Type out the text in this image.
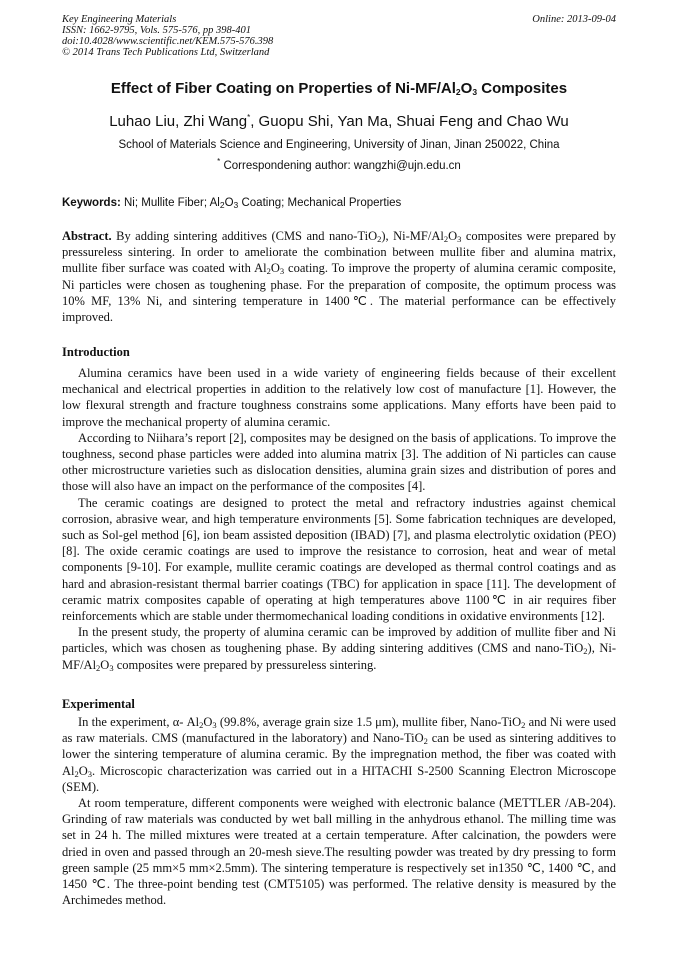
Key Engineering Materials
ISSN: 1662-9795, Vols. 575-576, pp 398-401
doi:10.4028/www.scientific.net/KEM.575-576.398
© 2014 Trans Tech Publications Ltd, Switzerland
Online: 2013-09-04
Effect of Fiber Coating on Properties of $Ni-MF/Al_2O_3$ Composites
Luhao Liu, Zhi Wang*, Guopu Shi, Yan Ma, Shuai Feng and Chao Wu
School of Materials Science and Engineering, University of Jinan, Jinan 250022, China
* Correspondening author: wangzhi@ujn.edu.cn
Keywords: Ni; Mullite Fiber; $Al_2O_3$ Coating; Mechanical Properties

Abstract. By adding sintering additives (CMS and nano-TiO$_2$), $Ni-MF/Al_2O_3$ composites were prepared by pressureless sintering. In order to ameliorate the combination between mullite fiber and alumina matrix, mullite fiber surface was coated with $Al_2O_3$ coating. To improve the property of alumina ceramic composite, Ni particles were chosen as toughening phase. For the preparation of composite, the optimum process was 10% MF, 13% Ni, and sintering temperature in 1400℃. The material performance can be effectively improved.

Introduction

Alumina ceramics have been used in a wide variety of engineering fields because of their excellent mechanical and electrical properties in addition to the relatively low cost of manufacture [1]. However, the low flexural strength and fracture toughness constrains some applications. Many efforts have been paid to improve the mechanical property of alumina ceramic.

According to Niihara’s report [2], composites may be designed on the basis of applications. To improve the toughness, second phase particles were added into alumina matrix [3]. The addition of Ni particles can cause other microstructure varieties such as dislocation densities, alumina grain sizes and distribution of pores and those will also have an impact on the performance of the composites [4].

The ceramic coatings are designed to protect the metal and refractory industries against chemical corrosion, abrasive wear, and high temperature environments [5]. Some fabrication techniques are developed, such as Sol-gel method [6], ion beam assisted deposition (IBAD) [7], and plasma electrolytic oxidation (PEO) [8]. The oxide ceramic coatings are used to improve the resistance to corrosion, heat and wear of metal components [9-10]. For example, mullite ceramic coatings are developed as thermal control coatings and as hard and abrasion-resistant thermal barrier coatings (TBC) for application in space [11]. The development of ceramic matrix composites capable of operating at high temperatures above 1100℃ in air requires fiber reinforcements which are stable under thermomechanical loading conditions in oxidative environments [12].

In the present study, the property of alumina ceramic can be improved by addition of mullite fiber and Ni particles, which was chosen as toughening phase. By adding sintering additives (CMS and nano-TiO$_2$), $Ni-MF/Al_2O_3$ composites were prepared by pressureless sintering.

Experimental

In the experiment, α- $Al_2O_3$ (99.8%, average grain size 1.5 μm), mullite fiber, Nano-TiO$_2$ and Ni were used as raw materials. CMS (manufactured in the laboratory) and Nano-TiO$_2$ can be used as sintering additives to lower the sintering temperature of alumina ceramic. By the impregnation method, the fiber was coated with $Al_2O_3$. Microscopic characterization was carried out in a HITACHI S-2500 Scanning Electron Microscope (SEM).

At room temperature, different components were weighed with electronic balance (METTLER /AB-204). Grinding of raw materials was conducted by wet ball milling in the anhydrous ethanol. The milling time was set in 24 h. The milled mixtures were treated at a certain temperature. After calcination, the powders were dried in oven and passed through an 20-mesh sieve.The resulting powder was treated by dry pressing to form green sample (25 mm×5 mm×2.5mm). The sintering temperature is respectively set in1350 ℃, 1400 ℃, and 1450 ℃. The three-point bending test (CMT5105) was performed. The relative density is measured by the Archimedes method.
